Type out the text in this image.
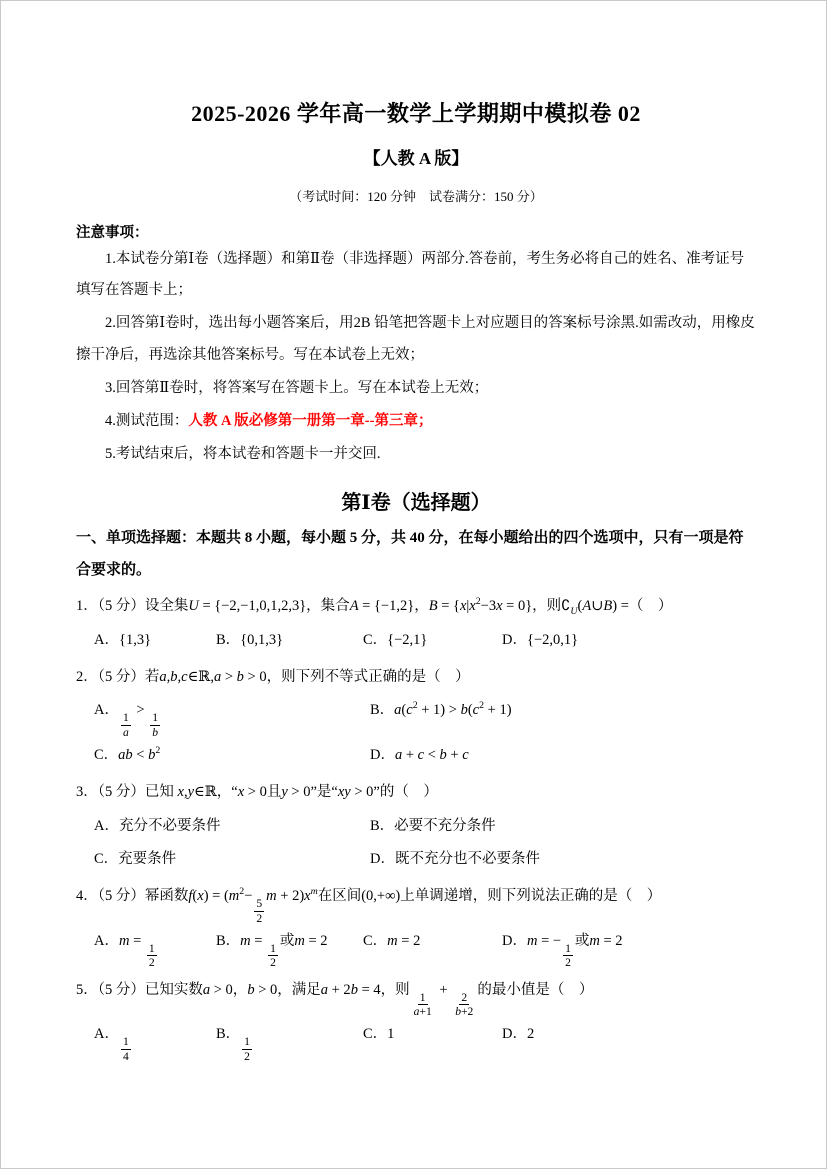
2025-2026 学年高一数学上学期期中模拟卷 02
【人教 A 版】
（考试时间：120 分钟　试卷满分：150 分）
注意事项：

1.本试卷分第Ⅰ卷（选择题）和第Ⅱ卷（非选择题）两部分.答卷前，考生务必将自己的姓名、准考证号填写在答题卡上；

2.回答第Ⅰ卷时，选出每小题答案后，用2B 铅笔把答题卡上对应题目的答案标号涂黑.如需改动，用橡皮擦干净后，再选涂其他答案标号。写在本试卷上无效；

3.回答第Ⅱ卷时，将答案写在答题卡上。写在本试卷上无效；

4.测试范围：人教 A 版必修第一册第一章--第三章；

5.考试结束后，将本试卷和答题卡一并交回.

第Ⅰ卷（选择题）

一、单项选择题：本题共 8 小题，每小题 5 分，共 40 分，在每小题给出的四个选项中，只有一项是符合要求的。

1．（5 分）设全集U = {−2,−1,0,1,2,3}，集合A = {−1,2}，$B = \{x|x^2-3x = 0\}$，则$∁_U(A\cup B)$ =（　）

A．{1,3}	B．{0,1,3}	C．{−2,1}	D．{−2,0,1}

2．（5 分）若a,b,c∈ℝ,a > b > 0，则下列不等式正确的是（　）

A．
$\frac{1}{a}$
>
$\frac{1}{b}$
B．$a(c^2 + 1) > b(c^2 + 1)$
C．ab < $b^2$	D．a + c < b + c

3．（5 分）已知 x,y∈ℝ，“x > 0且y > 0”是“xy > 0”的（　）

A．充分不必要条件	B．必要不充分条件
C．充要条件	D．既不充分也不必要条件

4．（5 分）幂函数$f(x) = (m^2-$
$\frac{5}{2}$
$m + 2)x^m$在区间(0,+∞)上单调递增，则下列说法正确的是（　）

A．m =
$\frac{1}{2}$
B．m =
$\frac{1}{2}$
或m = 2	C．m = 2	D．m = −
$\frac{1}{2}$
或m = 2

5．（5 分）已知实数a > 0，b > 0，满足a + 2b = 4，则
$\frac{1}{a+1}$
+
$\frac{2}{b+2}$
的最小值是（　）

A．
$\frac{1}{4}$
B．
$\frac{1}{2}$
C．1	D．2
